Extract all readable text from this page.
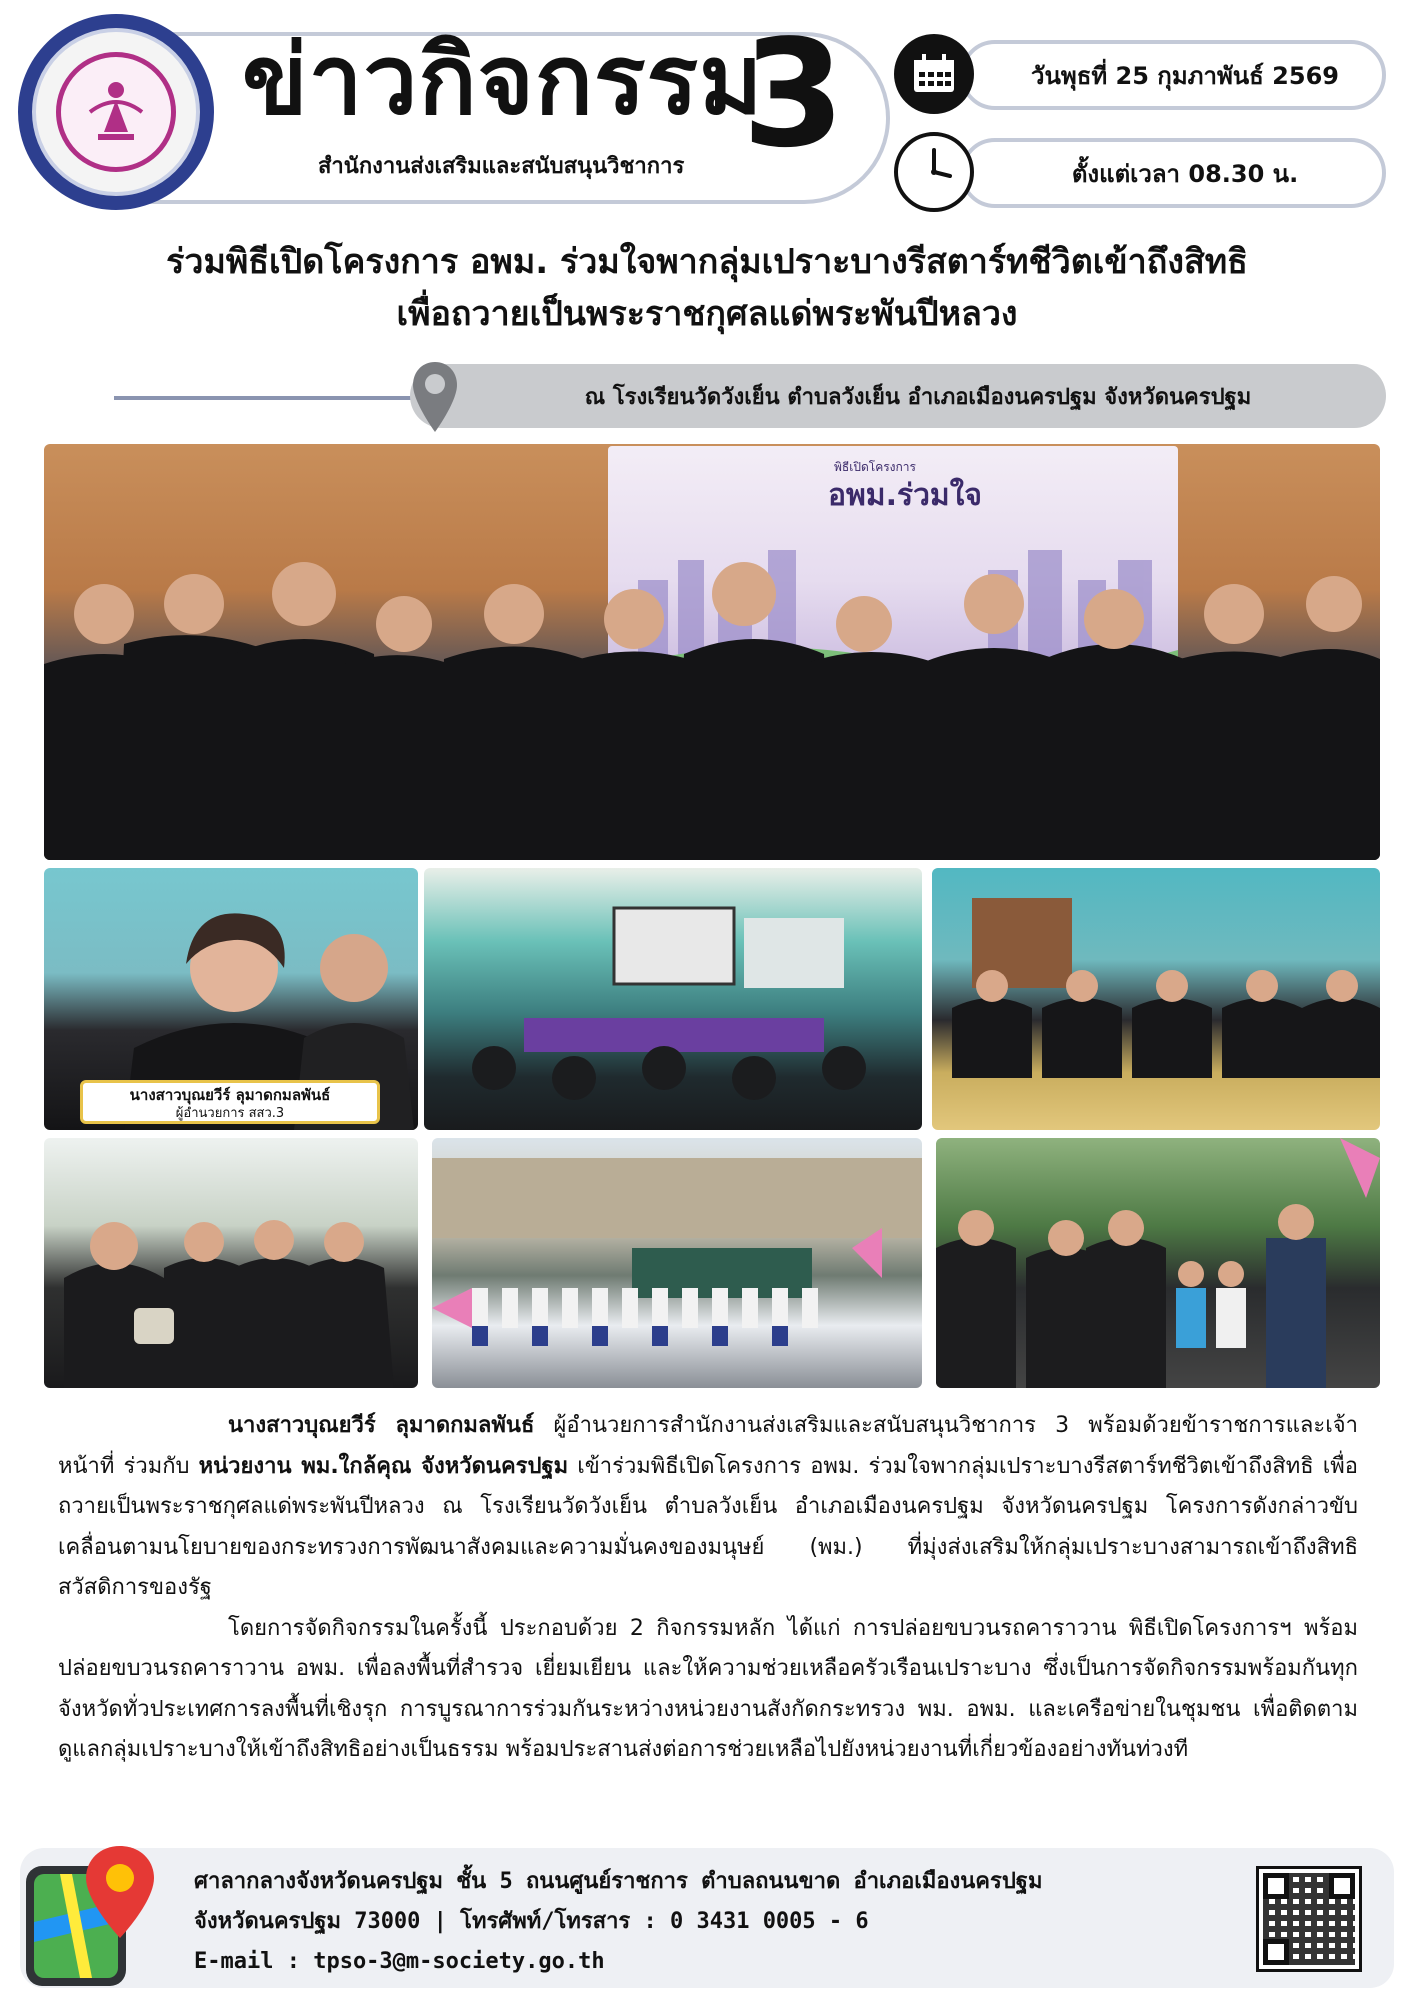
ข่าวกิจกรรม
3
สำนักงานส่งเสริมและสนับสนุนวิชาการ
วันพุธที่ 25 กุมภาพันธ์ 2569
ตั้งแต่เวลา 08.30 น.
ร่วมพิธีเปิดโครงการ อพม. ร่วมใจพากลุ่มเปราะบางรีสตาร์ทชีวิตเข้าถึงสิทธิ
เพื่อถวายเป็นพระราชกุศลแด่พระพันปีหลวง
ณ โรงเรียนวัดวังเย็น ตำบลวังเย็น อำเภอเมืองนครปฐม จังหวัดนครปฐม
พิธีเปิดโครงการ
อพม.ร่วมใจ
นางสาวบุณยวีร์ ลุมาดกมลพันธ์
ผู้อำนวยการ สสว.3

นางสาวบุณยวีร์ ลุมาดกมลพันธ์ ผู้อำนวยการสำนักงานส่งเสริมและสนับสนุนวิชาการ 3 พร้อมด้วยข้าราชการและเจ้าหน้าที่ ร่วมกับ หน่วยงาน พม.ใกล้คุณ จังหวัดนครปฐม เข้าร่วมพิธีเปิดโครงการ อพม. ร่วมใจพากลุ่มเปราะบางรีสตาร์ทชีวิตเข้าถึงสิทธิ เพื่อถวายเป็นพระราชกุศลแด่พระพันปีหลวง ณ โรงเรียนวัดวังเย็น ตำบลวังเย็น อำเภอเมืองนครปฐม จังหวัดนครปฐม โครงการดังกล่าวขับเคลื่อนตามนโยบายของกระทรวงการพัฒนาสังคมและความมั่นคงของมนุษย์ (พม.) ที่มุ่งส่งเสริมให้กลุ่มเปราะบางสามารถเข้าถึงสิทธิสวัสดิการของรัฐ

โดยการจัดกิจกรรมในครั้งนี้ ประกอบด้วย 2 กิจกรรมหลัก ได้แก่ การปล่อยขบวนรถคาราวาน พิธีเปิดโครงการฯ พร้อมปล่อยขบวนรถคาราวาน อพม. เพื่อลงพื้นที่สำรวจ เยี่ยมเยียน และให้ความช่วยเหลือครัวเรือนเปราะบาง ซึ่งเป็นการจัดกิจกรรมพร้อมกันทุกจังหวัดทั่วประเทศการลงพื้นที่เชิงรุก การบูรณาการร่วมกันระหว่างหน่วยงานสังกัดกระทรวง พม. อพม. และเครือข่ายในชุมชน เพื่อติดตามดูแลกลุ่มเปราะบางให้เข้าถึงสิทธิอย่างเป็นธรรม พร้อมประสานส่งต่อการช่วยเหลือไปยังหน่วยงานที่เกี่ยวข้องอย่างทันท่วงที

ศาลากลางจังหวัดนครปฐม ชั้น 5 ถนนศูนย์ราชการ ตำบลถนนขาด อำเภอเมืองนครปฐม
จังหวัดนครปฐม 73000 | โทรศัพท์/โทรสาร : 0 3431 0005 - 6
E-mail : tpso-3@m-society.go.th
